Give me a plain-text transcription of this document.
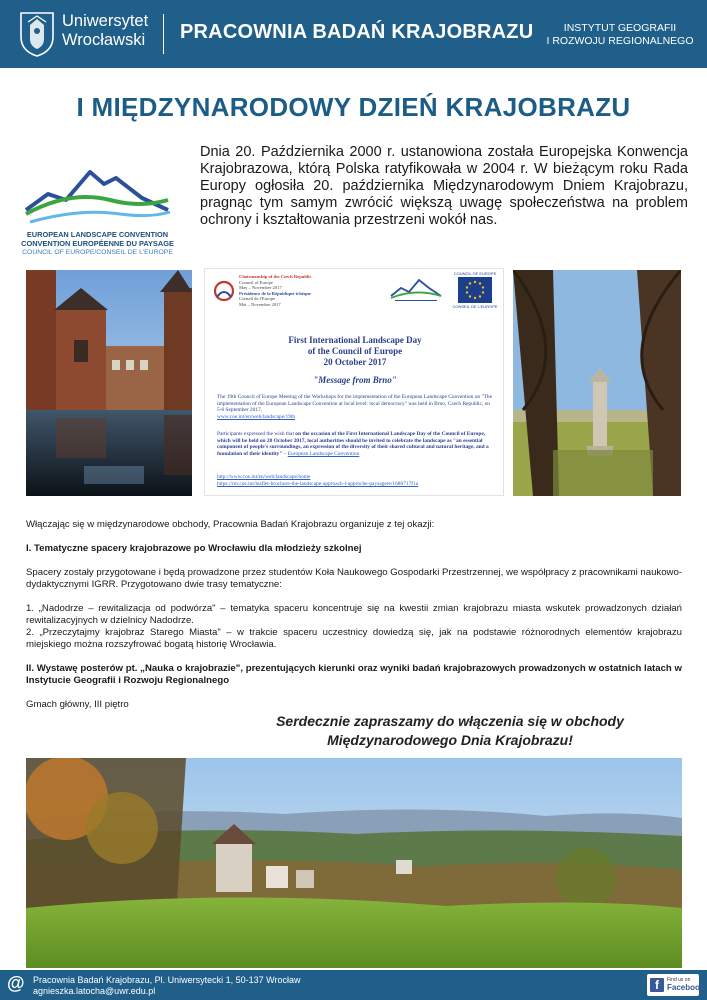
Uniwersytet
Wrocławski PRACOWNIA BADAŃ KRAJOBRAZU	INSTYTUT GEOGRAFII
I ROZWOJU REGIONALNEGO
I MIĘDZYNARODOWY DZIEŃ KRAJOBRAZU
EUROPEAN LANDSCAPE CONVENTION
CONVENTION EUROPÉENNE DU PAYSAGE
COUNCIL OF EUROPE/CONSEIL DE L'EUROPE
Dnia 20. Października 2000 r. ustanowiona została Europejska Konwencja Krajobrazowa, którą Polska ratyfikowała w 2004 r. W bieżącym roku Rada Europy ogłosiła 20. października Międzynarodowym Dniem Krajobrazu, pragnąc tym samym zwrócić większą uwagę społeczeństwa na problem ochrony i kształtowania przestrzeni wokół nas.
Chairmanship of the Czech Republic
Council of Europe
May – November 2017
Présidence de la République tchèque
Conseil de l'Europe
Mai – Novembre 2017
COUNCIL OF EUROPE
CONSEIL DE L'EUROPE
First International Landscape Day
of the Council of Europe
20 October 2017
"Message from Brno"
The 19th Council of Europe Meeting of the Workshops for the implementation of the European Landscape Convention on "The implementation of the European Landscape Convention at local level: local democracy" was held in Brno, Czech Republic, on 5-6 September 2017.
www.coe.int/en/web/landscape/19th
Participants expressed the wish that on the occasion of the First International Landscape Day of the Council of Europe, which will be held on 20 October 2017, local authorities should be invited to celebrate the landscape as "an essential component of people's surroundings, an expression of the diversity of their shared cultural and natural heritage, and a foundation of their identity" – European Landscape Convention
http://www.coe.int/en/web/landscape/home
https://rm.coe.int/leaflet-brochure-the-landscape-approach-l-approche-paysagere/1680717f1a

Włączając się w międzynarodowe obchody, Pracownia Badań Krajobrazu organizuje z tej okazji:

I. Tematyczne spacery krajobrazowe po Wrocławiu dla młodzieży szkolnej

Spacery zostały przygotowane i będą prowadzone przez studentów Koła Naukowego Gospodarki Przestrzennej, we współpracy z pracownikami naukowo-dydaktycznymi IGRR. Przygotowano dwie trasy tematyczne:

1. „Nadodrze – rewitalizacja od podwórza" – tematyka spaceru koncentruje się na kwestii zmian krajobrazu miasta wskutek prowadzonych działań rewitalizacyjnych w dzielnicy Nadodrze.

2. „Przeczytajmy krajobraz Starego Miasta" – w trakcie spaceru uczestnicy dowiedzą się, jak na podstawie różnorodnych elementów krajobrazu miejskiego można rozszyfrować bogatą historię Wrocławia.

II. Wystawę posterów pt. „Nauka o krajobrazie", prezentujących kierunki oraz wyniki badań krajobrazowych prowadzonych w ostatnich latach w Instytucie Geografii i Rozwoju Regionalnego

Gmach główny, III piętro

Serdecznie zapraszamy do włączenia się w obchody
Międzynarodowego Dnia Krajobrazu!
@ Pracownia Badań Krajobrazu, Pl. Uniwersytecki 1, 50-137 Wrocław
agnieszka.latocha@uwr.edu.pl	f	Find us on
Facebook
